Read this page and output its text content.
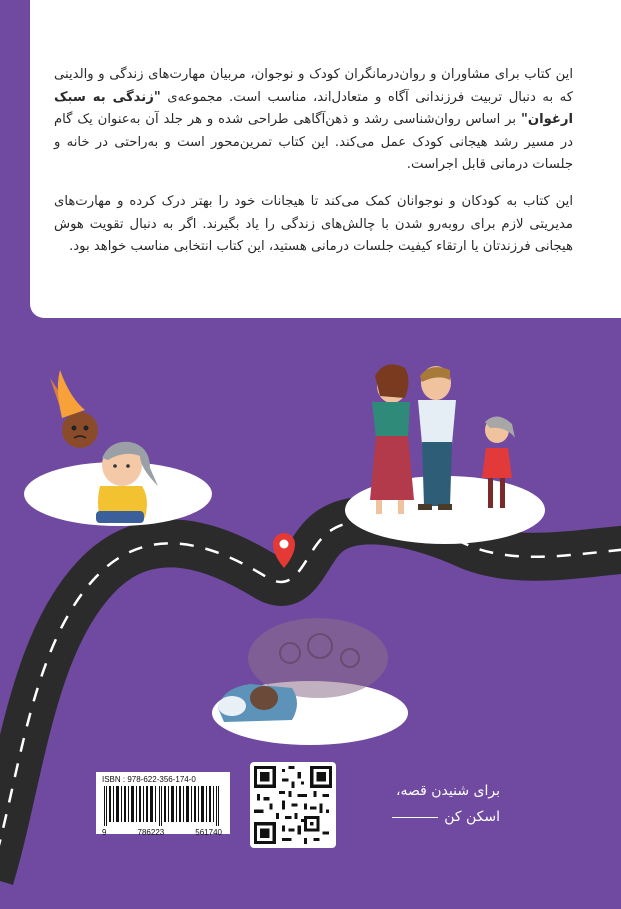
این کتاب برای مشاوران و روان‌درمانگران کودک و نوجوان، مربیان مهارت‌های زندگی و والدینی که به دنبال تربیت فرزندانی آگاه و متعادل‌اند، مناسب است. مجموعه‌ی "زندگی به سبک ارغوان" بر اساس روان‌شناسی رشد و ذهن‌آگاهی طراحی شده و هر جلد آن به‌عنوان یک گام در مسیر رشد هیجانی کودک عمل می‌کند. این کتاب تمرین‌محور است و به‌راحتی در خانه و جلسات درمانی قابل اجراست.

این کتاب به کودکان و نوجوانان کمک می‌کند تا هیجانات خود را بهتر درک کرده و مهارت‌های مدیریتی لازم برای روبه‌رو شدن با چالش‌های زندگی را یاد بگیرند. اگر به دنبال تقویت هوش هیجانی فرزندتان یا ارتقاء کیفیت جلسات درمانی هستید، این کتاب انتخابی مناسب خواهد بود.

ISBN : 978-622-356-174-0
9	786223	561740
برای شنیدن قصه،
اسکن کن
